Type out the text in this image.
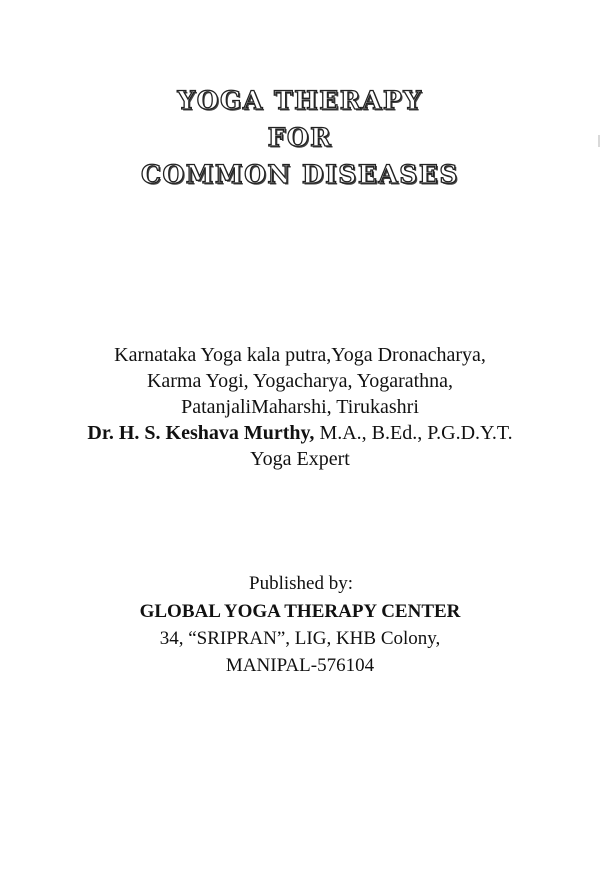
YOGA THERAPY
FOR
COMMON DISEASES
Karnataka Yoga kala putra,Yoga Dronacharya,
Karma Yogi, Yogacharya, Yogarathna,
PatanjaliMaharshi, Tirukashri
Dr. H. S. Keshava Murthy, M.A., B.Ed., P.G.D.Y.T.
Yoga Expert
Published by:
GLOBAL YOGA THERAPY CENTER
34, “SRIPRAN”, LIG, KHB Colony,
MANIPAL-576104
